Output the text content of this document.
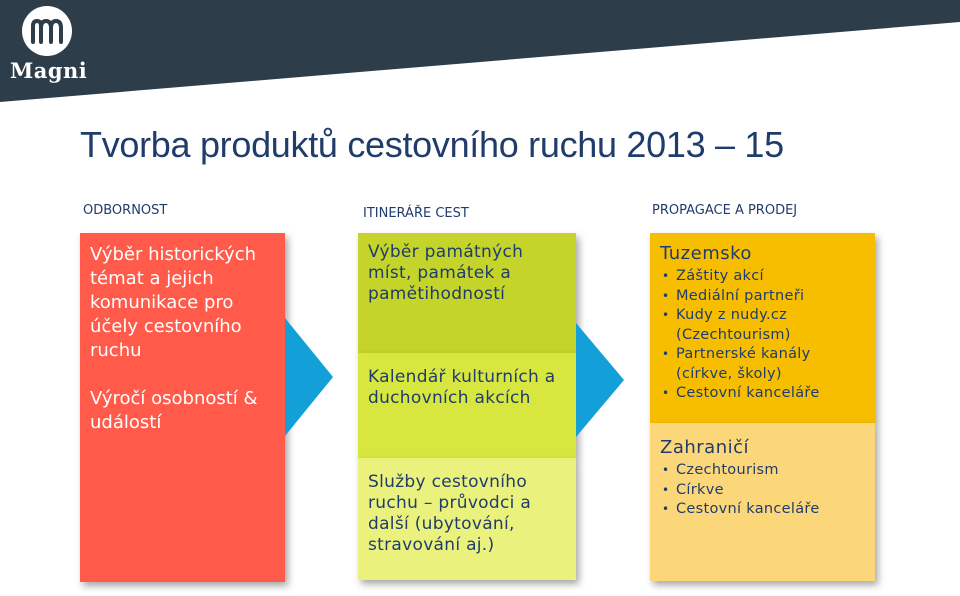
Magni
Tvorba produktů cestovního ruchu 2013 – 15
ODBORNOST	ITINERÁŘE CEST	PROPAGACE A PRODEJ
Výběr historických témat a jejich komunikace pro účely cestovního ruchu
Výročí osobností & událostí
Výběr památných míst, památek a pamětihodností
Kalendář kulturních a duchovních akcích
Služby cestovního ruchu – průvodci a další (ubytování, stravování aj.)
Tuzemsko
• Záštity akcí
• Mediální partneři
• Kudy z nudy.cz (Czechtourism)
• Partnerské kanály (církve, školy)
• Cestovní kanceláře
Zahraničí
• Czechtourism
• Církve
• Cestovní kanceláře
